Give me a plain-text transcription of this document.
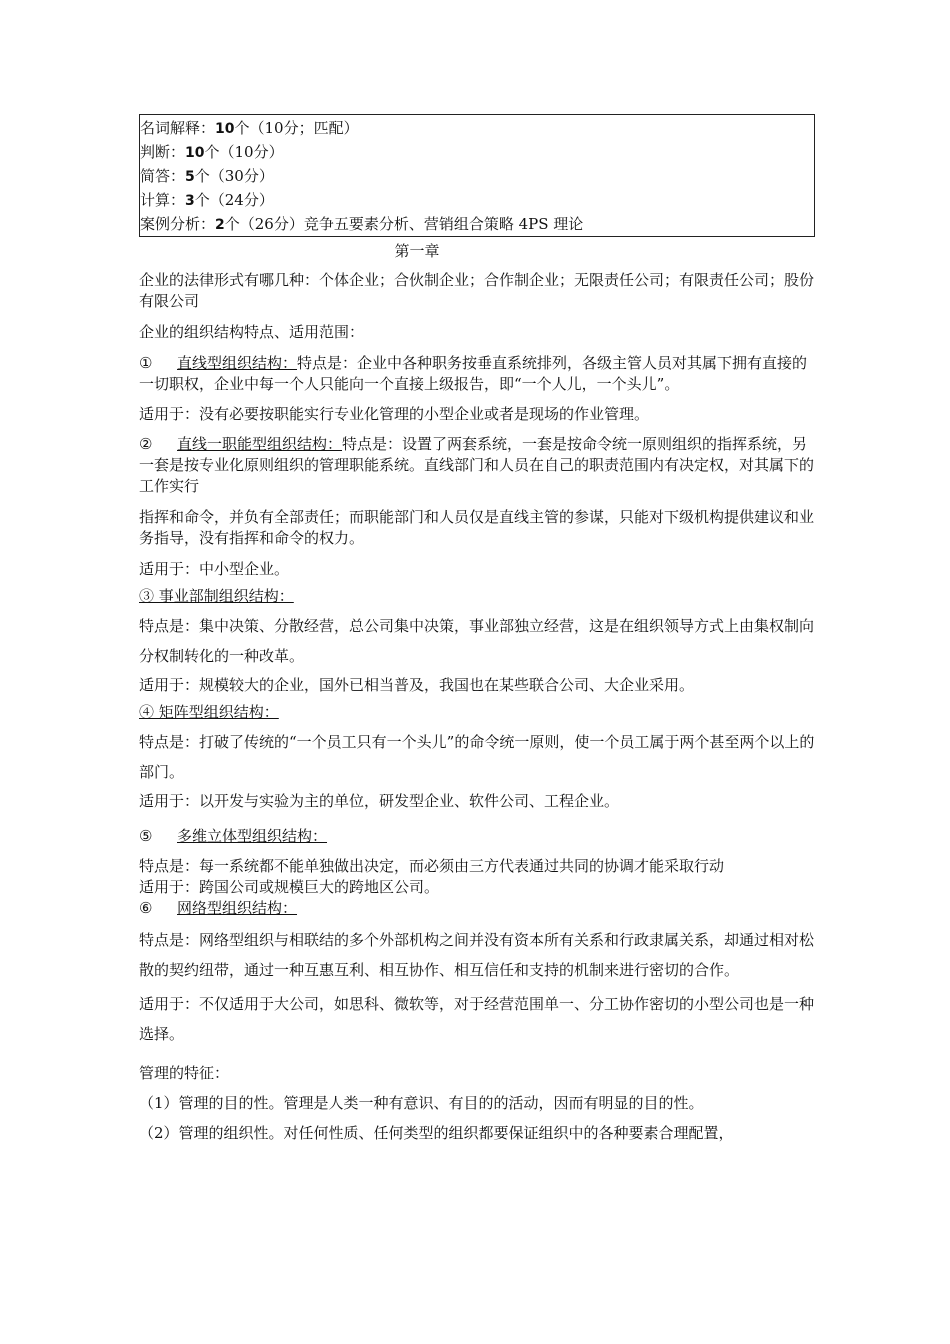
名词解释：10个（10分；匹配）
判断：10个（10分）
简答：5个（30分）
计算：3个（24分）
案例分析：2个（26分）竞争五要素分析、营销组合策略 4PS 理论
第一章

企业的法律形式有哪几种：个体企业；合伙制企业；合作制企业；无限责任公司；有限责任公司；股份有限公司

企业的组织结构特点、适用范围：

① 直线型组织结构：特点是：企业中各种职务按垂直系统排列，各级主管人员对其属下拥有直接的一切职权，企业中每一个人只能向一个直接上级报告，即“一个人儿，一个头儿”。

适用于：没有必要按职能实行专业化管理的小型企业或者是现场的作业管理。

② 直线一职能型组织结构：特点是：设置了两套系统，一套是按命令统一原则组织的指挥系统，另一套是按专业化原则组织的管理职能系统。直线部门和人员在自己的职责范围内有决定权，对其属下的工作实行

指挥和命令，并负有全部责任；而职能部门和人员仅是直线主管的参谋，只能对下级机构提供建议和业务指导，没有指挥和命令的权力。

适用于：中小型企业。

③ 事业部制组织结构：

特点是：集中决策、分散经营，总公司集中决策，事业部独立经营，这是在组织领导方式上由集权制向分权制转化的一种改革。

适用于：规模较大的企业，国外已相当普及，我国也在某些联合公司、大企业采用。

④ 矩阵型组织结构：

特点是：打破了传统的“一个员工只有一个头儿”的命令统一原则，使一个员工属于两个甚至两个以上的部门。

适用于：以开发与实验为主的单位，研发型企业、软件公司、工程企业。

⑤ 多维立体型组织结构：

特点是：每一系统都不能单独做出决定，而必须由三方代表通过共同的协调才能采取行动

适用于：跨国公司或规模巨大的跨地区公司。

⑥ 网络型组织结构：

特点是：网络型组织与相联结的多个外部机构之间并没有资本所有关系和行政隶属关系，却通过相对松散的契约纽带，通过一种互惠互利、相互协作、相互信任和支持的机制来进行密切的合作。

适用于：不仅适用于大公司，如思科、微软等，对于经营范围单一、分工协作密切的小型公司也是一种选择。

管理的特征：

（1）管理的目的性。管理是人类一种有意识、有目的的活动，因而有明显的目的性。

（2）管理的组织性。对任何性质、任何类型的组织都要保证组织中的各种要素合理配置，
